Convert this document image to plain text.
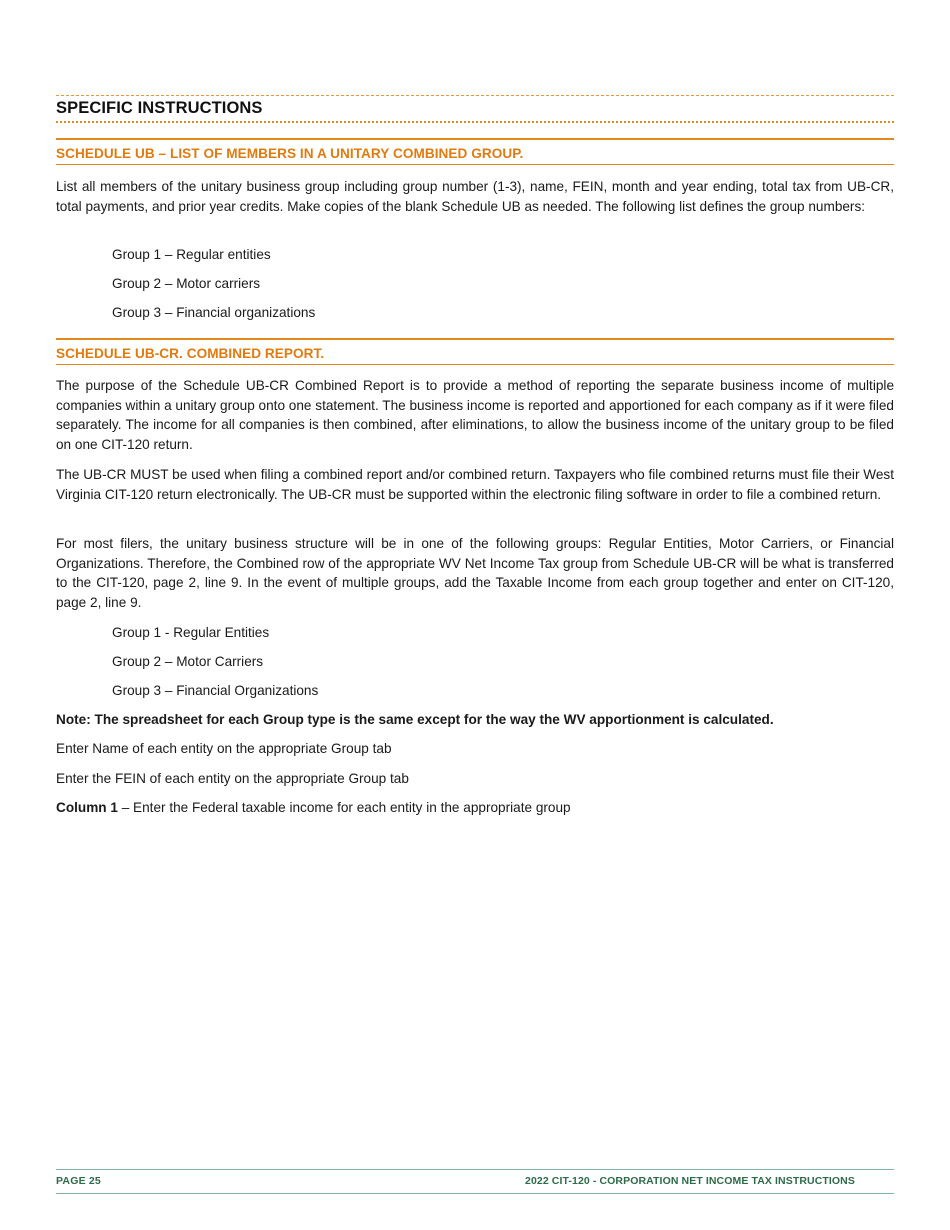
SPECIFIC INSTRUCTIONS
SCHEDULE UB – LIST OF MEMBERS IN A UNITARY COMBINED GROUP.

List all members of the unitary business group including group number (1-3), name, FEIN, month and year ending, total tax from UB-CR, total payments, and prior year credits. Make copies of the blank Schedule UB as needed. The following list defines the group numbers:

Group 1 – Regular entities
Group 2 – Motor carriers
Group 3 – Financial organizations
SCHEDULE UB-CR. COMBINED REPORT.

The purpose of the Schedule UB-CR Combined Report is to provide a method of reporting the separate business income of multiple companies within a unitary group onto one statement. The business income is reported and apportioned for each company as if it were filed separately. The income for all companies is then combined, after eliminations, to allow the business income of the unitary group to be filed on one CIT-120 return.

The UB-CR MUST be used when filing a combined report and/or combined return. Taxpayers who file combined returns must file their West Virginia CIT-120 return electronically. The UB-CR must be supported within the electronic filing software in order to file a combined return.

For most filers, the unitary business structure will be in one of the following groups: Regular Entities, Motor Carriers, or Financial Organizations. Therefore, the Combined row of the appropriate WV Net Income Tax group from Schedule UB-CR will be what is transferred to the CIT-120, page 2, line 9. In the event of multiple groups, add the Taxable Income from each group together and enter on CIT-120, page 2, line 9.

Group 1 - Regular Entities
Group 2 – Motor Carriers
Group 3 – Financial Organizations
Note: The spreadsheet for each Group type is the same except for the way the WV apportionment is calculated.
Enter Name of each entity on the appropriate Group tab
Enter the FEIN of each entity on the appropriate Group tab
Column 1 – Enter the Federal taxable income for each entity in the appropriate group
PAGE 25	2022 CIT-120 - CORPORATION NET INCOME TAX INSTRUCTIONS
